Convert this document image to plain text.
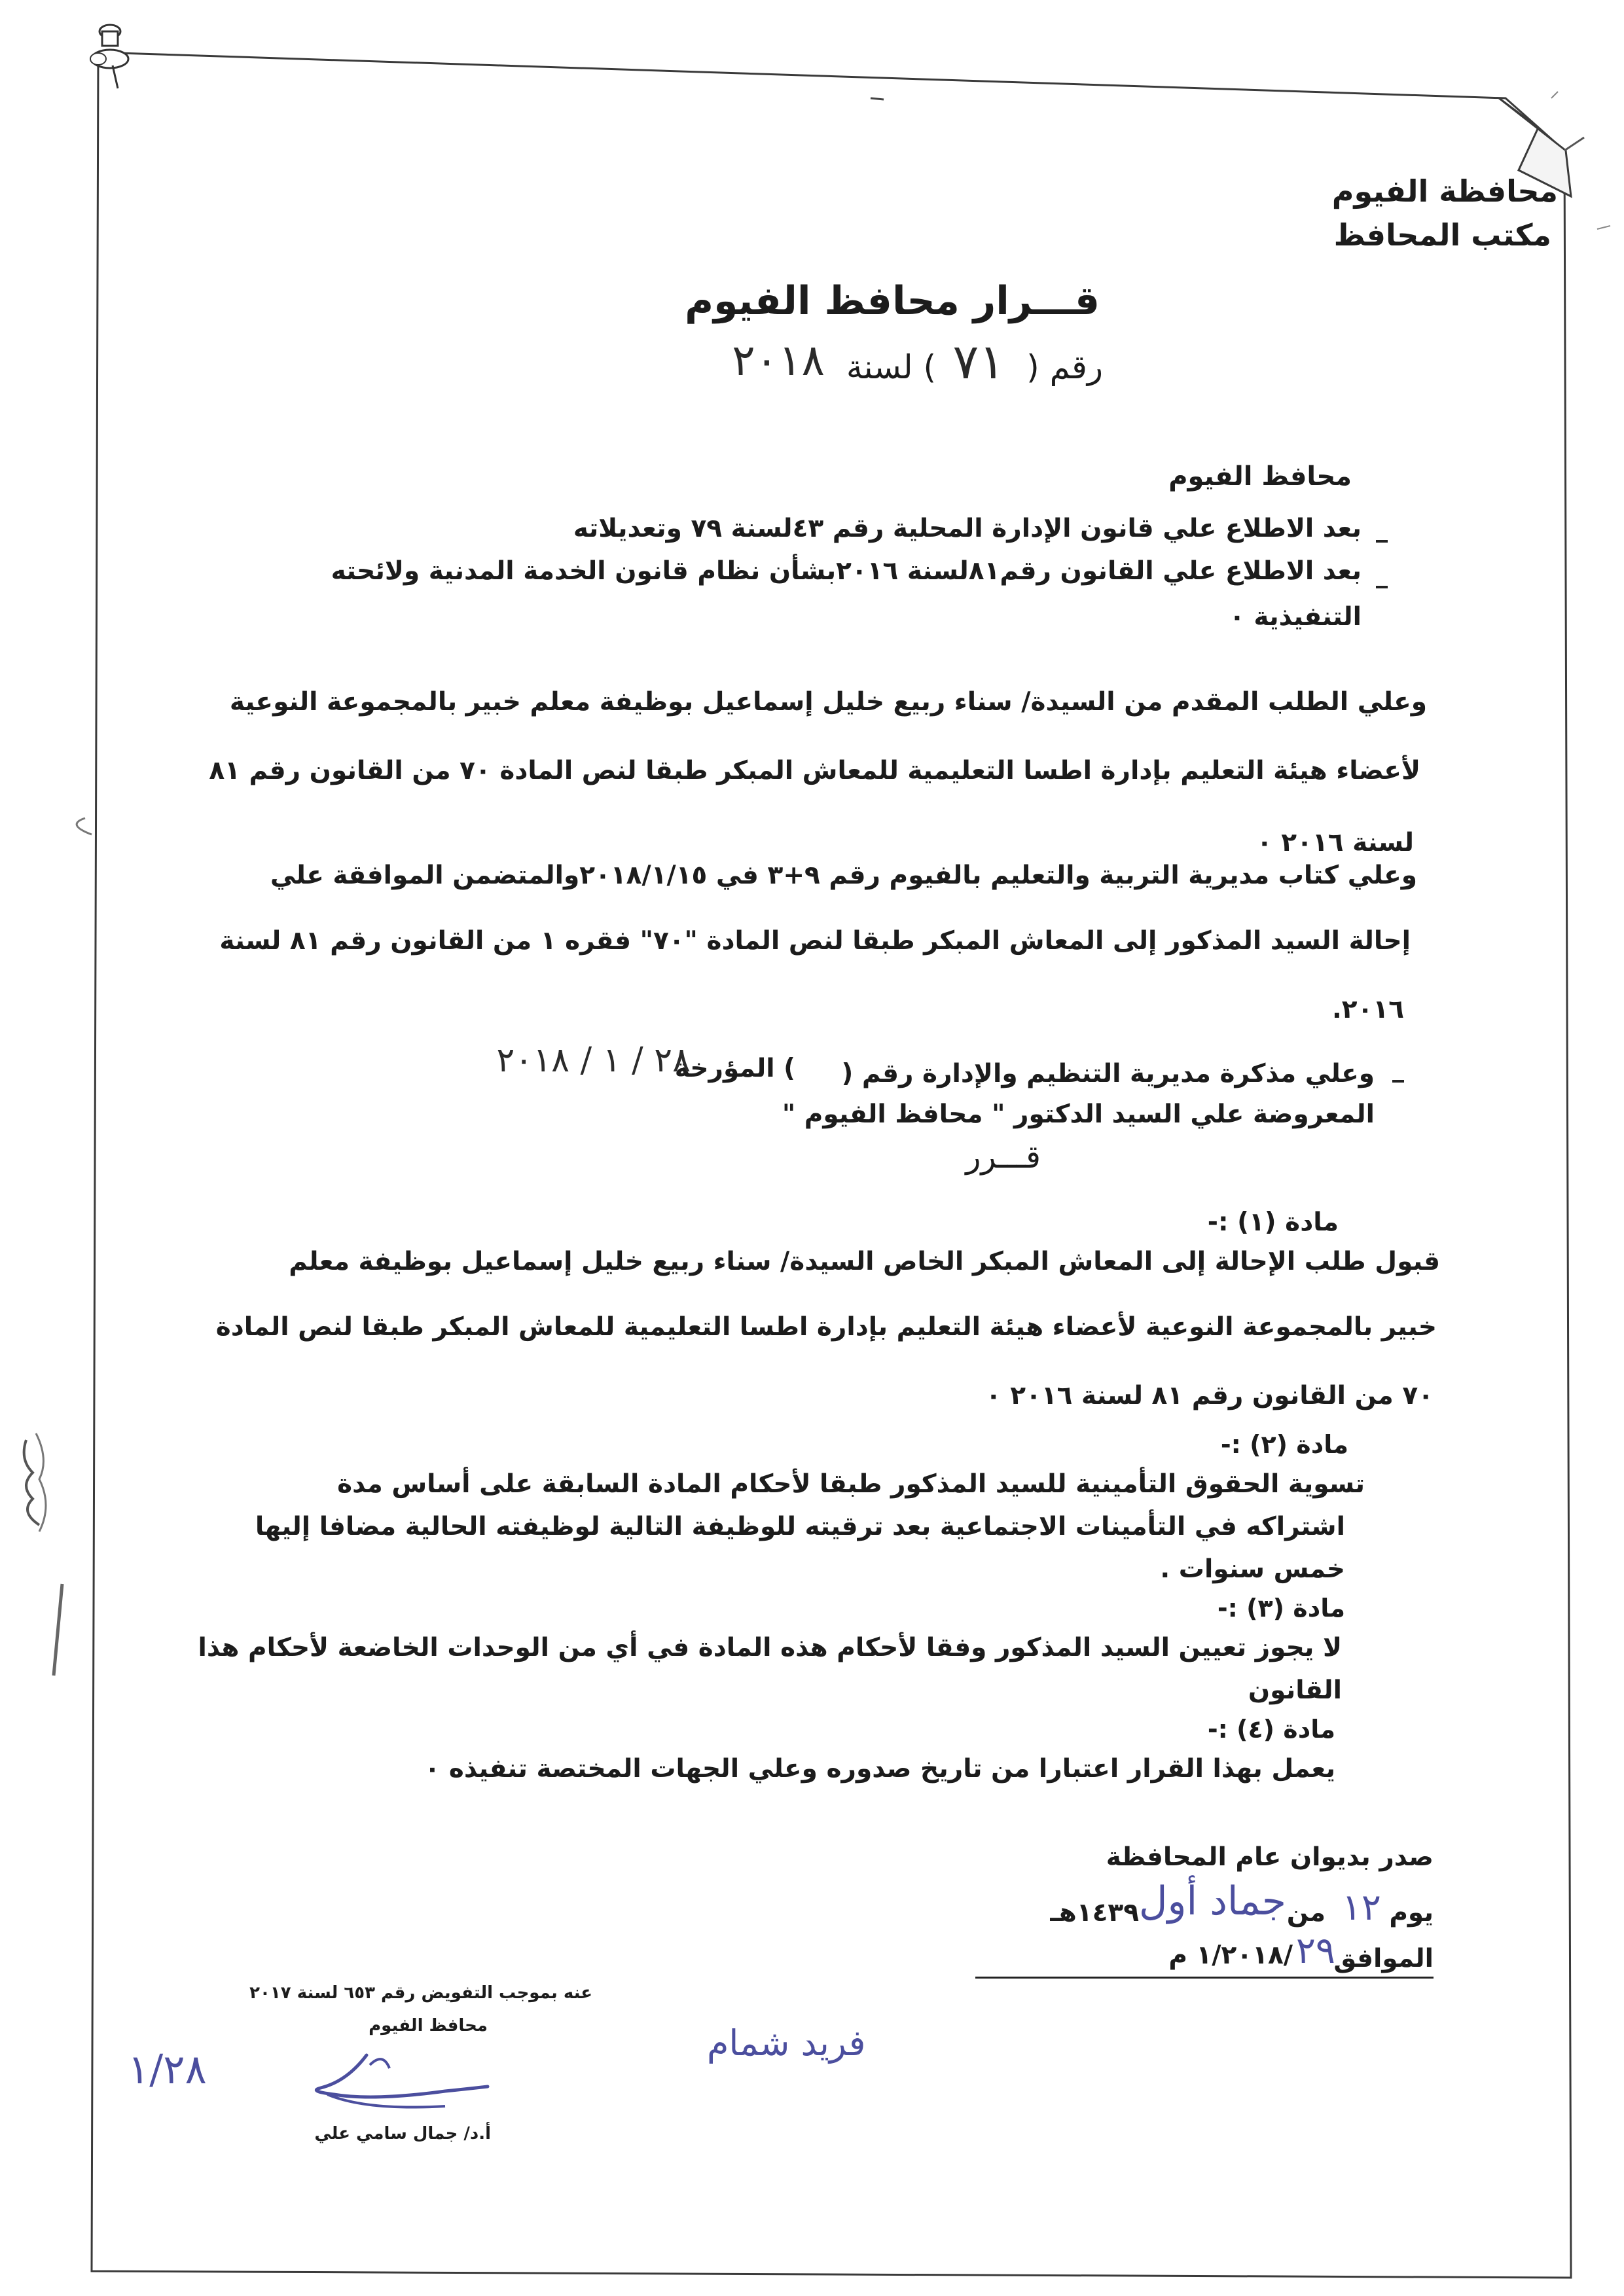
محافظة الفيوم
مكتب المحافظ
قـــرار محافظ الفيوم
رقم (
٧١
) لسنة
٢٠١٨
محافظ الفيوم
بعد الاطلاع علي قانون الإدارة المحلية رقم ٤٣لسنة ٧٩ وتعديلاته
بعد الاطلاع علي القانون رقم٨١لسنة ٢٠١٦بشأن نظام قانون الخدمة المدنية ولائحته
التنفيذية ٠
وعلي الطلب المقدم من السيدة/ سناء ربيع خليل إسماعيل بوظيفة معلم خبير بالمجموعة النوعية
لأعضاء هيئة التعليم بإدارة اطسا التعليمية للمعاش المبكر طبقا لنص المادة ٧٠ من القانون رقم ٨١
لسنة ٢٠١٦ ٠
وعلي كتاب مديرية التربية والتعليم بالفيوم رقم ٩+٣ في ٢٠١٨/١/١٥والمتضمن الموافقة علي
إحالة السيد المذكور إلى المعاش المبكر طبقا لنص المادة "٧٠" فقره ١ من القانون رقم ٨١ لسنة
٢٠١٦.
وعلي مذكرة مديرية التنظيم والإدارة رقم (
) المؤرخة
٢٨ / ١ / ٢٠١٨
المعروضة علي السيد الدكتور " محافظ الفيوم "
قـــرر
مادة (١) :-
قبول طلب الإحالة إلى المعاش المبكر الخاص السيدة/ سناء ربيع خليل إسماعيل بوظيفة معلم
خبير بالمجموعة النوعية لأعضاء هيئة التعليم بإدارة اطسا التعليمية للمعاش المبكر طبقا لنص المادة
٧٠ من القانون رقم ٨١ لسنة ٢٠١٦ ٠
مادة (٢) :-
تسوية الحقوق التأمينية للسيد المذكور طبقا لأحكام المادة السابقة على أساس مدة
اشتراكه في التأمينات الاجتماعية بعد ترقيته للوظيفة التالية لوظيفته الحالية مضافا إليها
خمس سنوات .
مادة (٣) :-
لا يجوز تعيين السيد المذكور وفقا لأحكام هذه المادة في أي من الوحدات الخاضعة لأحكام هذا
القانون
مادة (٤) :-
يعمل بهذا القرار اعتبارا من تاريخ صدوره وعلي الجهات المختصة تنفيذه ٠
صدر بديوان عام المحافظة
يوم
١٢
من
جماد أول
١٤٣٩هـ
الموافق
٢٩
/١/٢٠١٨ م
عنه بموجب التفويض رقم ٦٥٣ لسنة ٢٠١٧
محافظ الفيوم
أ.د/ جمال سامي علي
١/٢٨
فريد شمام
